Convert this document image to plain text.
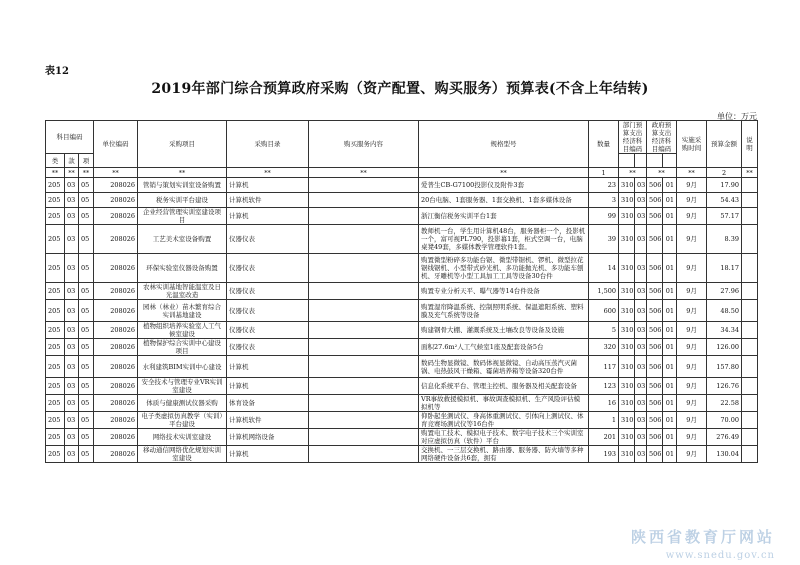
表12
2019年部门综合预算政府采购（资产配置、购买服务）预算表(不含上年结转)
单位：万元
科目编码			单位编码	采购项目	采购目录	购买服务内容	规格型号	数量	部门预算支出经济科目编码		政府预算支出经济科目编码		实施采购时间	预算金额	说明
类	款	项													
**	**	**	**	**	**	**	**	1	**		**		**	2	**
205	03	05	208026	管销与策划实训室设备购置	计算机		爱普生CB-G7100投影仪及附件3套	23	310	03	506	01	9月	17.90	
205	03	05	208026	税务实训平台建设	计算机软件		20台电脑、1套服务器、1套交换机、1套多媒体设备	3	310	03	506	01	9月	54.43	
205	03	05	208026	企业经营管理实训室建设项目	计算机		浙江衡信税务实训平台1套	99	310	03	506	01	9月	57.17	
205	03	05	208026	工艺美术室设备购置	仪器仪表		教师机一台，学生用计算机48台，服务器柜一个，投影机一个，富可视PL790，投影幕1套，柜式空调一台，电脑桌凳49套，多媒体教学管理软件1套。	39	310	03	506	01	9月	8.39	
205	03	05	208026	环保实验室仪器设备购置	仪器仪表		购置微型粉碎多功能台锯、微型带锯机、锣机、微型拉花锯线锯机、小型带式砂光机、多功能抛光机、多功能车刨机、牙雕机等小型工具加工工具等设备30台件	14	310	03	506	01	9月	18.17	
205	03	05	208026	农林实训基地智能温室及日光温室改造	仪器仪表		购置专业分析天平、曝气器等14台件设备	1,500	310	03	506	01	9月	27.96	
205	03	05	208026	园林（林业）苗木繁育综合实训基地建设	仪器仪表		购置湿帘降温系统、控制照明系统、保温遮阳系统、塑料膜及充气系统等设备	600	310	03	506	01	9月	48.50	
205	03	05	208026	植物组织培养实验室人工气候室建设	仪器仪表		购建钢骨大棚、灌溉系统及土壤改良等设备及设施	5	310	03	506	01	9月	34.34	
205	03	05	208026	植物保护综合实训中心建设项目	仪器仪表		面积27.6m²人工气候室1座及配套设备5台	320	310	03	506	01	9月	126.00	
205	03	05	208026	水利建筑BIM实训中心建设	计算机		数码生物显微镜、数码体视显微镜、自动高压蒸汽灭菌锅、电热鼓风干燥箱、霉菌培养箱等设备320台件	117	310	03	506	01	9月	157.80	
205	03	05	208026	安全技术与管理专业VR实训室建设	计算机		信息化系统平台、管理主控机、服务器及相关配套设备	123	310	03	506	01	9月	126.76	
205	03	05	208026	体质与健康测试仪器采购	体育设备		VR事故救援模拟机、事故调查模拟机、生产风险评估模拟机等	16	310	03	506	01	9月	22.58	
205	03	05	208026	电子类虚拟仿真教学（实训）平台建设	计算机软件		仰卧起坐测试仪、身高体重测试仪、引体向上测试仪、体育竞赛场测试仪等16台件	1	310	03	506	01	9月	70.00	
205	03	05	208026	网络技术实训室建设	计算机网络设备		购置电工技术、模拟电子技术、数字电子技术三个实训室对应虚拟仿真（软件）平台	201	310	03	506	01	9月	276.49	
205	03	05	208026	移动通信网络优化规划实训室建设	计算机		交换机、一三层交换机、路由器、服务器、防火墙等多种网络硬件设备共6套，拥有	193	310	03	506	01	9月	130.04	
陕西省教育厅网站
www.snedu.gov.cn
